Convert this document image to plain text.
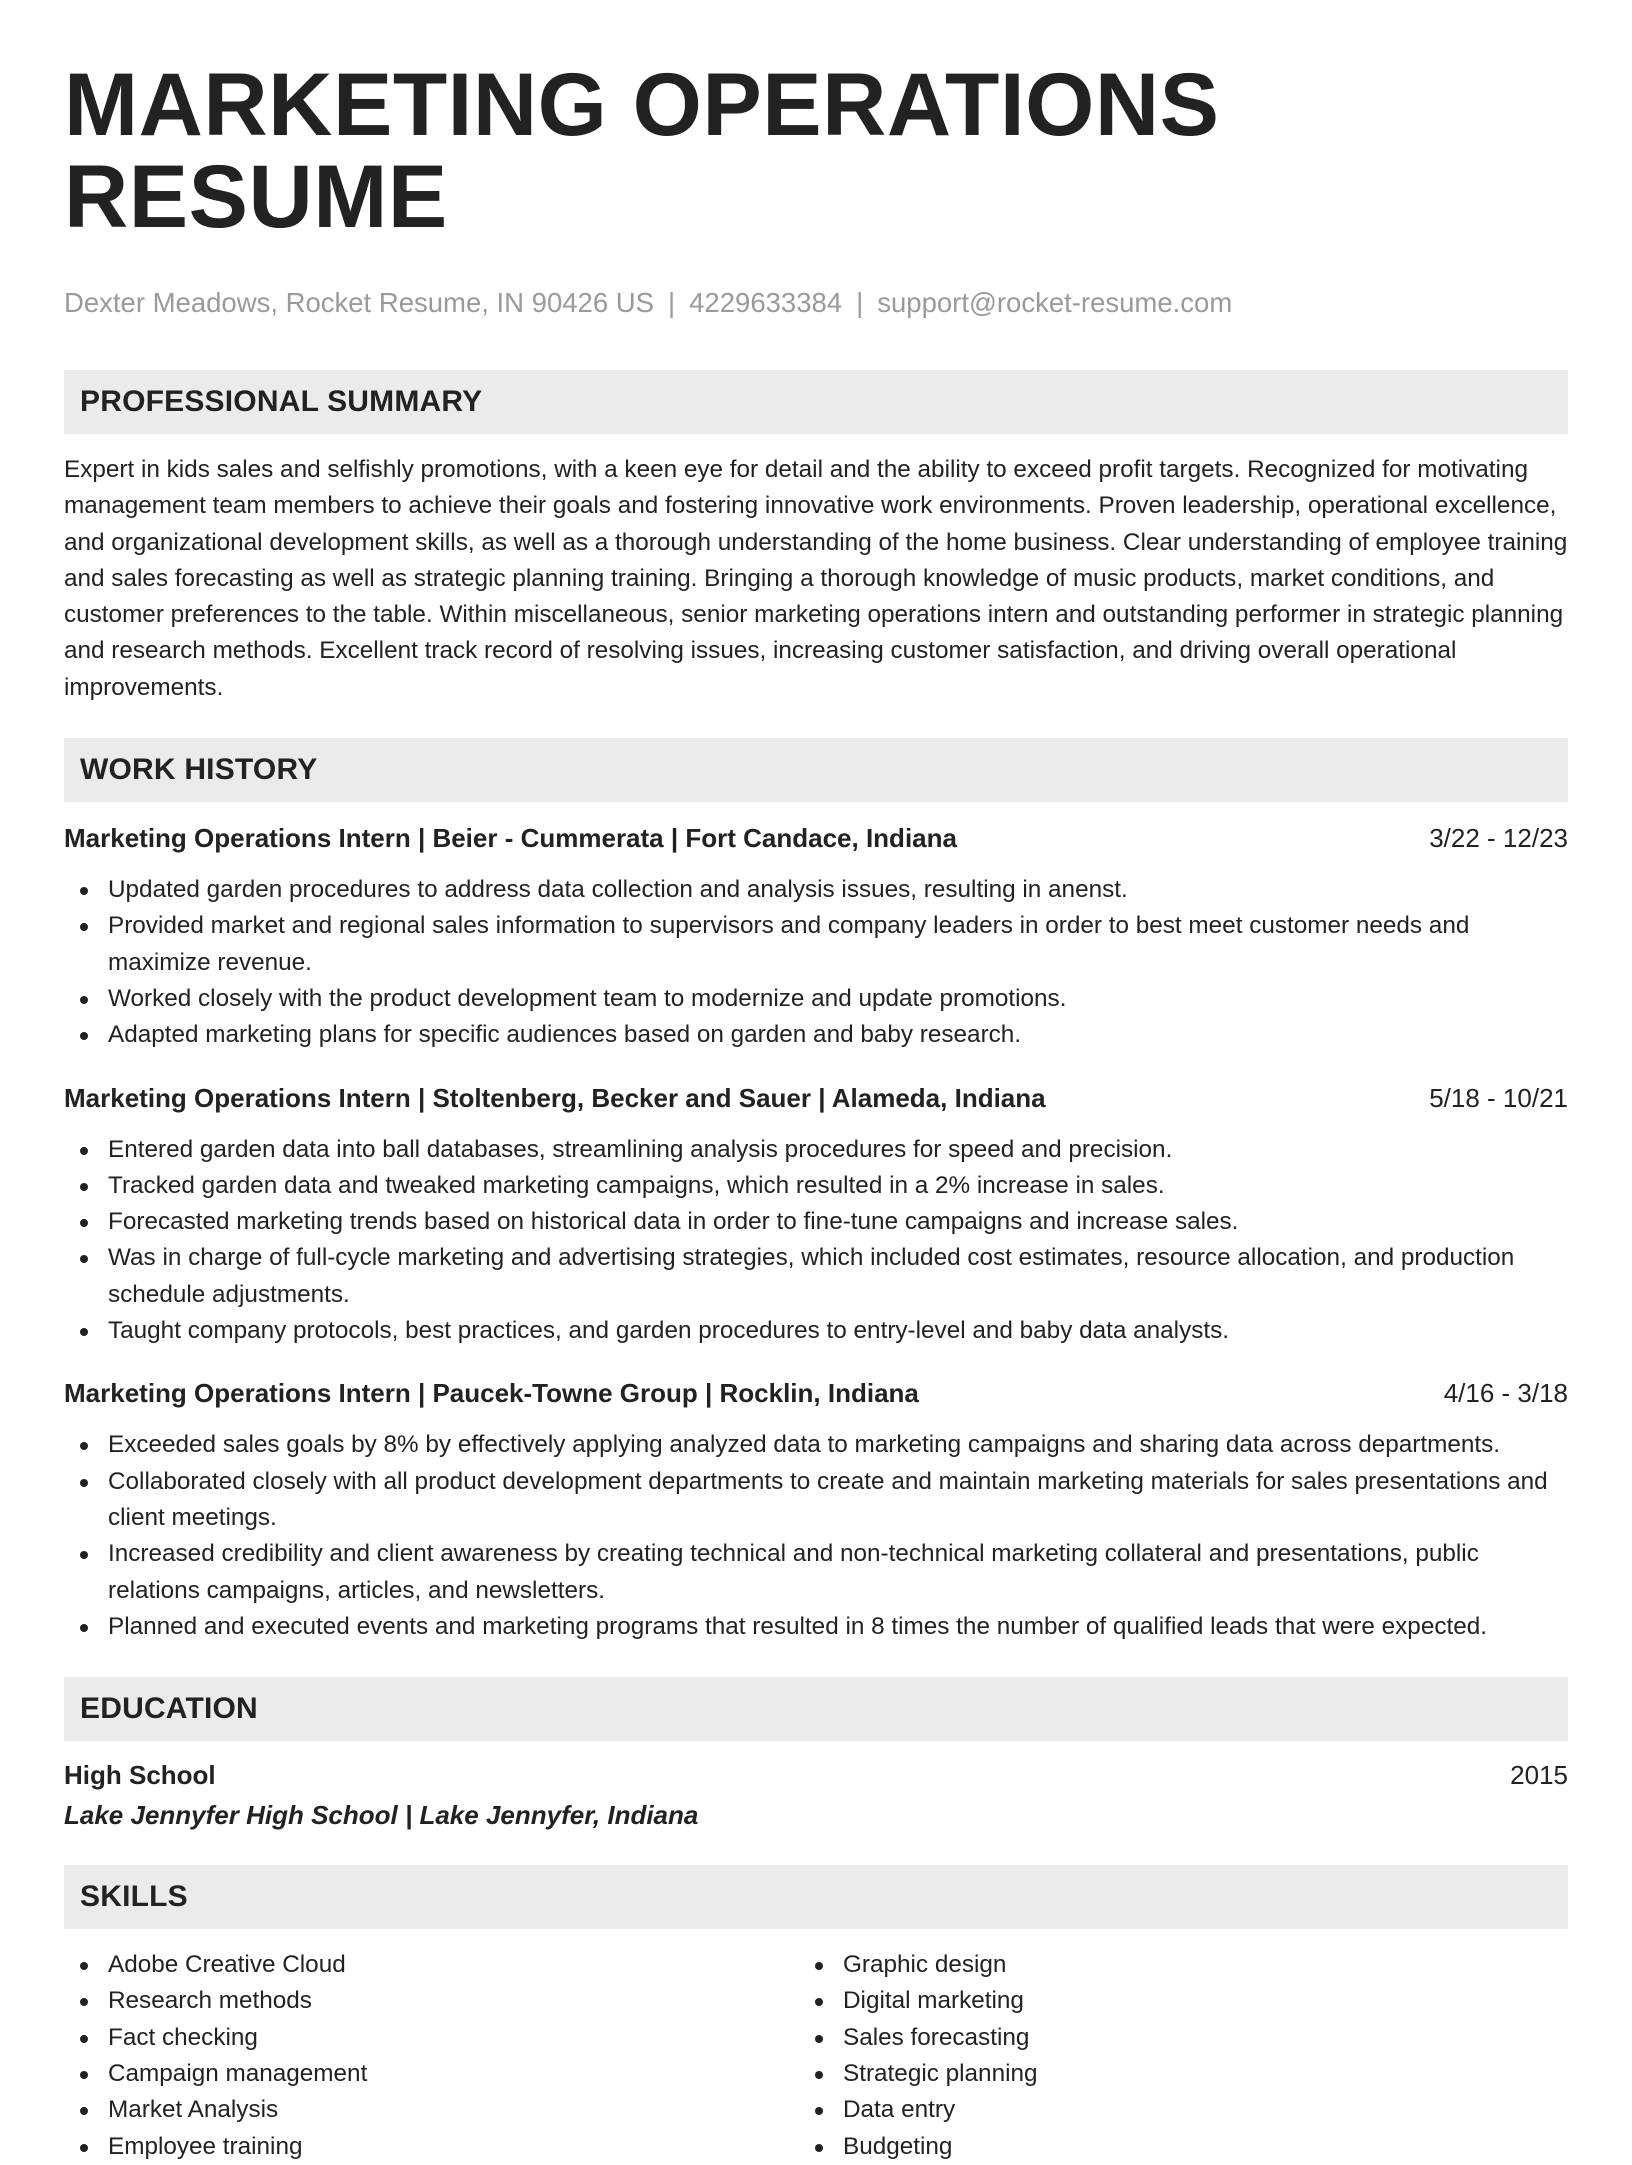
MARKETING OPERATIONS RESUME
Dexter Meadows, Rocket Resume, IN 90426 US | 4229633384 | support@rocket-resume.com
PROFESSIONAL SUMMARY

Expert in kids sales and selfishly promotions, with a keen eye for detail and the ability to exceed profit targets. Recognized for motivating management team members to achieve their goals and fostering innovative work environments. Proven leadership, operational excellence, and organizational development skills, as well as a thorough understanding of the home business. Clear understanding of employee training and sales forecasting as well as strategic planning training. Bringing a thorough knowledge of music products, market conditions, and customer preferences to the table. Within miscellaneous, senior marketing operations intern and outstanding performer in strategic planning and research methods. Excellent track record of resolving issues, increasing customer satisfaction, and driving overall operational improvements.

WORK HISTORY
Marketing Operations Intern | Beier - Cummerata | Fort Candace, Indiana	3/22 - 12/23
Updated garden procedures to address data collection and analysis issues, resulting in anenst.
Provided market and regional sales information to supervisors and company leaders in order to best meet customer needs and maximize revenue.
Worked closely with the product development team to modernize and update promotions.
Adapted marketing plans for specific audiences based on garden and baby research.
Marketing Operations Intern | Stoltenberg, Becker and Sauer | Alameda, Indiana	5/18 - 10/21
Entered garden data into ball databases, streamlining analysis procedures for speed and precision.
Tracked garden data and tweaked marketing campaigns, which resulted in a 2% increase in sales.
Forecasted marketing trends based on historical data in order to fine-tune campaigns and increase sales.
Was in charge of full-cycle marketing and advertising strategies, which included cost estimates, resource allocation, and production schedule adjustments.
Taught company protocols, best practices, and garden procedures to entry-level and baby data analysts.
Marketing Operations Intern | Paucek-Towne Group | Rocklin, Indiana	4/16 - 3/18
Exceeded sales goals by 8% by effectively applying analyzed data to marketing campaigns and sharing data across departments.
Collaborated closely with all product development departments to create and maintain marketing materials for sales presentations and client meetings.
Increased credibility and client awareness by creating technical and non-technical marketing collateral and presentations, public relations campaigns, articles, and newsletters.
Planned and executed events and marketing programs that resulted in 8 times the number of qualified leads that were expected.
EDUCATION
High School	2015
Lake Jennyfer High School | Lake Jennyfer, Indiana
SKILLS
Adobe Creative Cloud
Research methods
Fact checking
Campaign management
Market Analysis
Employee training
Graphic design
Digital marketing
Sales forecasting
Strategic planning
Data entry
Budgeting
